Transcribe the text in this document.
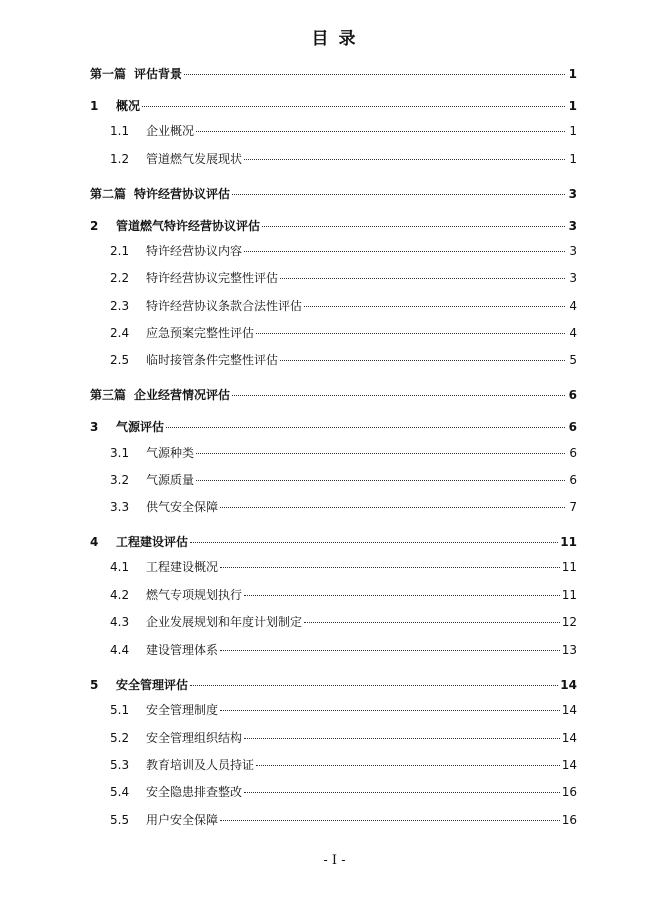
目 录
第一篇 评估背景	1
1	概况	1
1.1	企业概况	1
1.2	管道燃气发展现状	1
第二篇 特许经营协议评估	3
2	管道燃气特许经营协议评估	3
2.1	特许经营协议内容	3
2.2	特许经营协议完整性评估	3
2.3	特许经营协议条款合法性评估	4
2.4	应急预案完整性评估	4
2.5	临时接管条件完整性评估	5
第三篇 企业经营情况评估	6
3	气源评估	6
3.1	气源种类	6
3.2	气源质量	6
3.3	供气安全保障	7
4	工程建设评估	11
4.1	工程建设概况	11
4.2	燃气专项规划执行	11
4.3	企业发展规划和年度计划制定	12
4.4	建设管理体系	13
5	安全管理评估	14
5.1	安全管理制度	14
5.2	安全管理组织结构	14
5.3	教育培训及人员持证	14
5.4	安全隐患排查整改	16
5.5	用户安全保障	16
- I -
